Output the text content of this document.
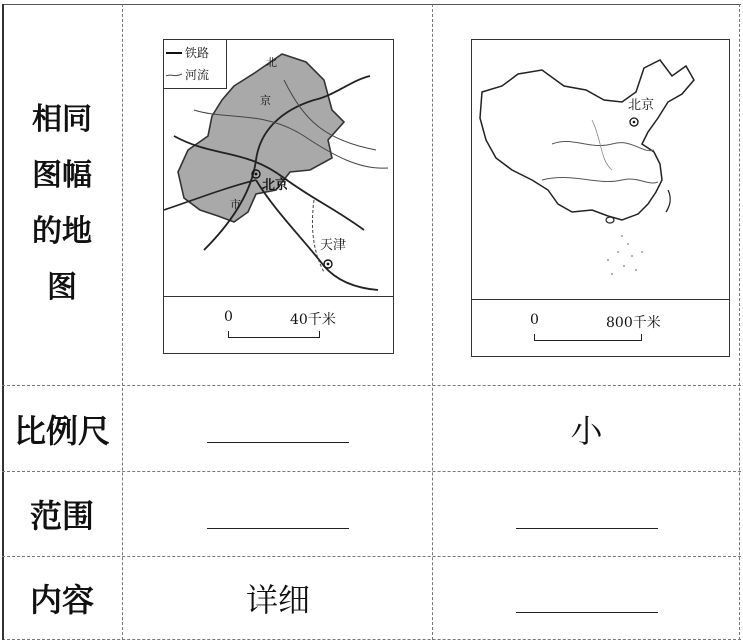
相同
图幅
的地
图
比例尺
范围
内容
铁路
河流
北
京
市
北京
天津
0	40千米
北京
0	800千米
小
详细
